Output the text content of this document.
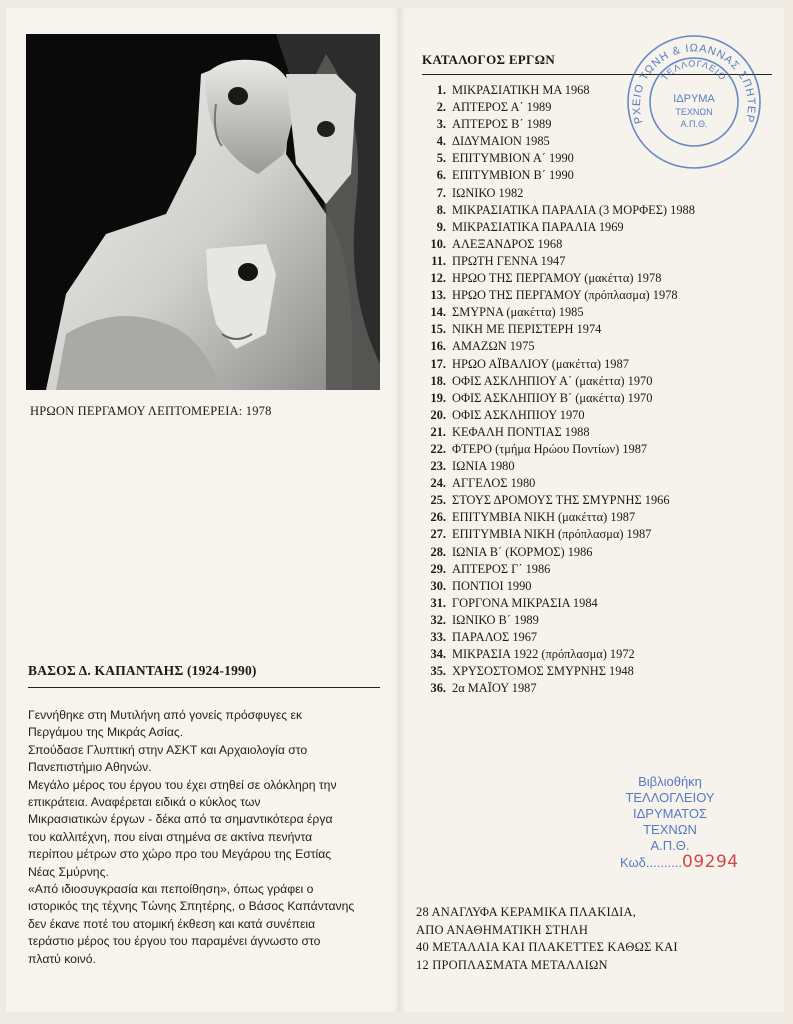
ΗΡΩΟΝ ΠΕΡΓΑΜΟΥ ΛΕΠΤΟΜΕΡΕΙΑ: 1978
ΒΑΣΟΣ Δ. ΚΑΠΑΝΤΑΗΣ (1924-1990)
Γεννήθηκε στη Μυτιλήνη από γονείς πρόσφυγες εκ
Περγάμου της Μικράς Ασίας.
Σπούδασε Γλυπτική στην ΑΣΚΤ και Αρχαιολογία στο
Πανεπιστήμιο Αθηνών.
Μεγάλο μέρος του έργου του έχει στηθεί σε ολόκληρη την
επικράτεια. Αναφέρεται ειδικά ο κύκλος των
Μικρασιατικών έργων - δέκα από τα σημαντικότερα έργα
του καλλιτέχνη, που είναι στημένα σε ακτίνα πενήντα
περίπου μέτρων στο χώρο προ του Μεγάρου της Εστίας
Νέας Σμύρνης.
«Από ιδιοσυγκρασία και πεποίθηση», όπως γράφει ο
ιστορικός της τέχνης Τώνης Σπητέρης, ο Βάσος Καπάντανης
δεν έκανε ποτέ του ατομική έκθεση και κατά συνέπεια
τεράστιο μέρος του έργου του παραμένει άγνωστο στο
πλατύ κοινό.
ΚΑΤΑΛΟΓΟΣ ΕΡΓΩΝ
1. ΜΙΚΡΑΣΙΑΤΙΚΗ ΜΑ 1968
2. ΑΠΤΕΡΟΣ Α΄ 1989
3. ΑΠΤΕΡΟΣ Β΄ 1989
4. ΔΙΔΥΜΑΙΟΝ 1985
5. ΕΠΙΤΥΜΒΙΟΝ Α΄ 1990
6. ΕΠΙΤΥΜΒΙΟΝ Β΄ 1990
7. ΙΩΝΙΚΟ 1982
8. ΜΙΚΡΑΣΙΑΤΙΚΑ ΠΑΡΑΛΙΑ (3 ΜΟΡΦΕΣ) 1988
9. ΜΙΚΡΑΣΙΑΤΙΚΑ ΠΑΡΑΛΙΑ 1969
10. ΑΛΕΞΑΝΔΡΟΣ 1968
11. ΠΡΩΤΗ ΓΕΝΝΑ 1947
12. ΗΡΩΟ ΤΗΣ ΠΕΡΓΑΜΟΥ (μακέττα) 1978
13. ΗΡΩΟ ΤΗΣ ΠΕΡΓΑΜΟΥ (πρόπλασμα) 1978
14. ΣΜΥΡΝΑ (μακέττα) 1985
15. ΝΙΚΗ ΜΕ ΠΕΡΙΣΤΕΡΗ 1974
16. ΑΜΑΖΩΝ 1975
17. ΗΡΩΟ ΑΪΒΑΛΙΟΥ (μακέττα) 1987
18. ΟΦΙΣ ΑΣΚΛΗΠΙΟΥ Α΄ (μακέττα) 1970
19. ΟΦΙΣ ΑΣΚΛΗΠΙΟΥ Β΄ (μακέττα) 1970
20. ΟΦΙΣ ΑΣΚΛΗΠΙΟΥ 1970
21. ΚΕΦΑΛΗ ΠΟΝΤΙΑΣ 1988
22. ΦΤΕΡΟ (τμήμα Ηρώου Ποντίων) 1987
23. ΙΩΝΙΑ 1980
24. ΑΓΓΕΛΟΣ 1980
25. ΣΤΟΥΣ ΔΡΟΜΟΥΣ ΤΗΣ ΣΜΥΡΝΗΣ 1966
26. ΕΠΙΤΥΜΒΙΑ ΝΙΚΗ (μακέττα) 1987
27. ΕΠΙΤΥΜΒΙΑ ΝΙΚΗ (πρόπλασμα) 1987
28. ΙΩΝΙΑ Β΄ (ΚΟΡΜΟΣ) 1986
29. ΑΠΤΕΡΟΣ Γ΄ 1986
30. ΠΟΝΤΙΟΙ 1990
31. ΓΟΡΓΟΝΑ ΜΙΚΡΑΣΙΑ 1984
32. ΙΩΝΙΚΟ Β΄ 1989
33. ΠΑΡΑΛΟΣ 1967
34. ΜΙΚΡΑΣΙΑ 1922 (πρόπλασμα) 1972
35. ΧΡΥΣΟΣΤΟΜΟΣ ΣΜΥΡΝΗΣ 1948
36. 2α ΜΑΪΟΥ 1987
ΡΧΕΙΟ ΤΩΝΗ & ΙΩΑΝΝΑΣ ΣΠΗΤΕΡ
ΤΕΛΛΟΓΛΕΙΟ
ΙΔΡΥΜΑ
ΤΕΧΝΩΝ
Α.Π.Θ.
Βιβλιοθήκη
ΤΕΛΛΟΓΛΕΙΟΥ
ΙΔΡΥΜΑΤΟΣ
ΤΕΧΝΩΝ
Α.Π.Θ.
Κωδ..........09294
28 ΑΝΑΓΛΥΦΑ ΚΕΡΑΜΙΚΑ ΠΛΑΚΙΔΙΑ,
ΑΠΟ ΑΝΑΘΗΜΑΤΙΚΗ ΣΤΗΛΗ
40 ΜΕΤΑΛΛΙΑ ΚΑΙ ΠΛΑΚΕΤΤΕΣ ΚΑΘΩΣ ΚΑΙ
12 ΠΡΟΠΛΑΣΜΑΤΑ ΜΕΤΑΛΛΙΩΝ
